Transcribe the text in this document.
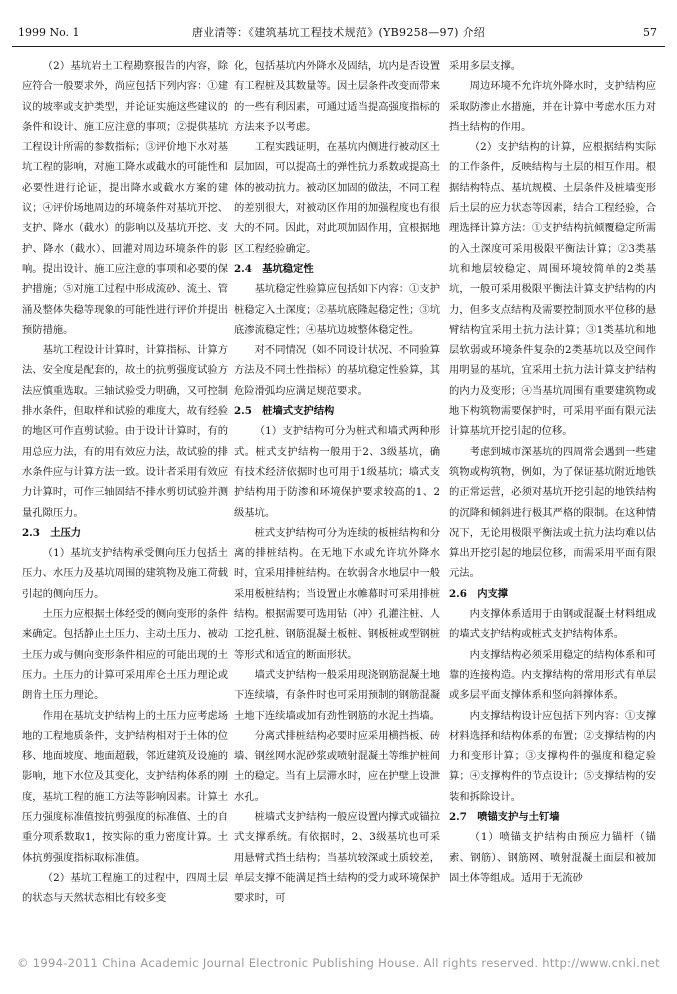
1999 No. 1	唐业清等：《建筑基坑工程技术规范》(YB9258—97) 介绍	57

（2）基坑岩土工程勘察报告的内容，除应符合一般要求外，尚应包括下列内容：①建议的坡率或支护类型，并论证实施这些建议的条件和设计、施工应注意的事项；②提供基坑工程设计所需的参数指标；③评价地下水对基坑工程的影响，对施工降水或截水的可能性和必要性进行论证，提出降水或截水方案的建议；④评价场地周边的环境条件对基坑开挖、支护、降水（截水）的影响以及基坑开挖、支护、降水（截水）、回灌对周边环境条件的影响。提出设计、施工应注意的事项和必要的保护措施；⑤对施工过程中形成流砂、流土、管涌及整体失稳等现象的可能性进行评价并提出预防措施。

基坑工程设计计算时，计算指标、计算方法、安全度是配套的，故土的抗剪强度试验方法应慎重选取。三轴试验受力明确，又可控制排水条件，但取样和试验的难度大，故有经验的地区可作直剪试验。由于设计计算时，有的用总应力法，有的用有效应力法，故试验的排水条件应与计算方法一致。设计者采用有效应力计算时，可作三轴固结不排水剪切试验并测量孔隙压力。

2.3　土压力

（1）基坑支护结构承受侧向压力包括土压力、水压力及基坑周围的建筑物及施工荷载引起的侧向压力。

土压力应根据土体经受的侧向变形的条件来确定。包括静止土压力、主动土压力、被动土压力或与侧向变形条件相应的可能出现的土压力。土压力的计算可采用库仑土压力理论或朗肯土压力理论。

作用在基坑支护结构上的土压力应考虑场地的工程地质条件，支护结构相对于土体的位移、地面坡度、地面超载，邻近建筑及设施的影响，地下水位及其变化，支护结构体系的刚度，基坑工程的施工方法等影响因素。计算土压力强度标准值按抗剪强度的标准值、土的自重分项系数取1，按实际的重力密度计算。土体抗剪强度指标取标准值。

（2）基坑工程施工的过程中，四周土层的状态与天然状态相比有较多变

化，包括基坑内外降水及固结，坑内是否设置有工程桩及其数量等。因土层条件改变而带来的一些有利因素，可通过适当提高强度指标的方法来予以考虑。

工程实践证明，在基坑内侧进行被动区土层加固，可以提高土的弹性抗力系数或提高土体的被动抗力。被动区加固的做法，不同工程的差别很大，对被动区作用的加强程度也有很大的不同。因此，对此项加固作用，宜根据地区工程经验确定。

2.4　基坑稳定性

基坑稳定性验算应包括如下内容：①支护桩稳定入土深度；②基坑底隆起稳定性；③坑底渗流稳定性；④基坑边坡整体稳定性。

对不同情况（如不同设计状况、不同验算方法及不同土性指标）的基坑稳定性验算，其危险滑弧均应满足规范要求。

2.5　桩墙式支护结构

（1）支护结构可分为桩式和墙式两种形式。桩式支护结构一般用于2、3级基坑，确有技术经济依据时也可用于1级基坑；墙式支护结构用于防渗和环境保护要求较高的1、2级基坑。

桩式支护结构可分为连续的板桩结构和分离的排桩结构。在无地下水或允许坑外降水时，宜采用排桩结构。在软弱含水地层中一般采用板桩结构；当设置止水帷幕时可采用排桩结构。根据需要可选用钻（冲）孔灌注桩、人工挖孔桩、钢筋混凝土板桩、钢板桩或型钢桩等形式和适宜的断面形状。

墙式支护结构一般采用现浇钢筋混凝土地下连续墙，有条件时也可采用预制的钢筋混凝土地下连续墙或加有劲性钢筋的水泥土挡墙。

分离式排桩结构必要时应采用横挡板、砖墙、钢丝网水泥砂浆或喷射混凝土等维护桩间土的稳定。当有上层滞水时，应在护壁上设泄水孔。

桩墙式支护结构一般应设置内撑式或锚拉式支撑系统。有依据时，2、3级基坑也可采用悬臂式挡土结构；当基坑较深或土质较差，单层支撑不能满足挡土结构的受力或环境保护要求时，可

采用多层支撑。

周边环境不允许坑外降水时，支护结构应采取防渗止水措施，并在计算中考虑水压力对挡土结构的作用。

（2）支护结构的计算，应根据结构实际的工作条件，反映结构与土层的相互作用。根据结构特点、基坑规模、土层条件及桩墙变形后土层的应力状态等因素，结合工程经验，合理选择计算方法：①支护结构抗倾覆稳定所需的入土深度可采用极限平衡法计算；②3类基坑和地层较稳定、周围环境较简单的2类基坑，一般可采用极限平衡法计算支护结构的内力，但多支点结构及需要控制顶水平位移的悬臂结构宜采用土抗力法计算；③1类基坑和地层软弱或环境条件复杂的2类基坑以及空间作用明显的基坑，宜采用土抗力法计算支护结构的内力及变形；④当基坑周围有重要建筑物或地下构筑物需要保护时，可采用平面有限元法计算基坑开挖引起的位移。

考虑到城市深基坑的四周常会遇到一些建筑物或构筑物，例如，为了保证基坑附近地铁的正常运营，必须对基坑开挖引起的地铁结构的沉降和倾斜进行极其严格的限制。在这种情况下，无论用极限平衡法或土抗力法均难以估算出开挖引起的地层位移，而需采用平面有限元法。

2.6　内支撑

内支撑体系适用于由钢或混凝土材料组成的墙式支护结构或桩式支护结构体系。

内支撑结构必须采用稳定的结构体系和可靠的连接构造。内支撑结构的常用形式有单层或多层平面支撑体系和竖向斜撑体系。

内支撑结构设计应包括下列内容：①支撑材料选择和结构体系的布置；②支撑结构的内力和变形计算；③支撑构件的强度和稳定验算；④支撑构件的节点设计；⑤支撑结构的安装和拆除设计。

2.7　喷锚支护与土钉墙

（1）喷锚支护结构由预应力锚杆（锚索、钢筋）、钢筋网、喷射混凝土面层和被加固土体等组成。适用于无流砂

© 1994-2011 China Academic Journal Electronic Publishing House. All rights reserved. http://www.cnki.net
